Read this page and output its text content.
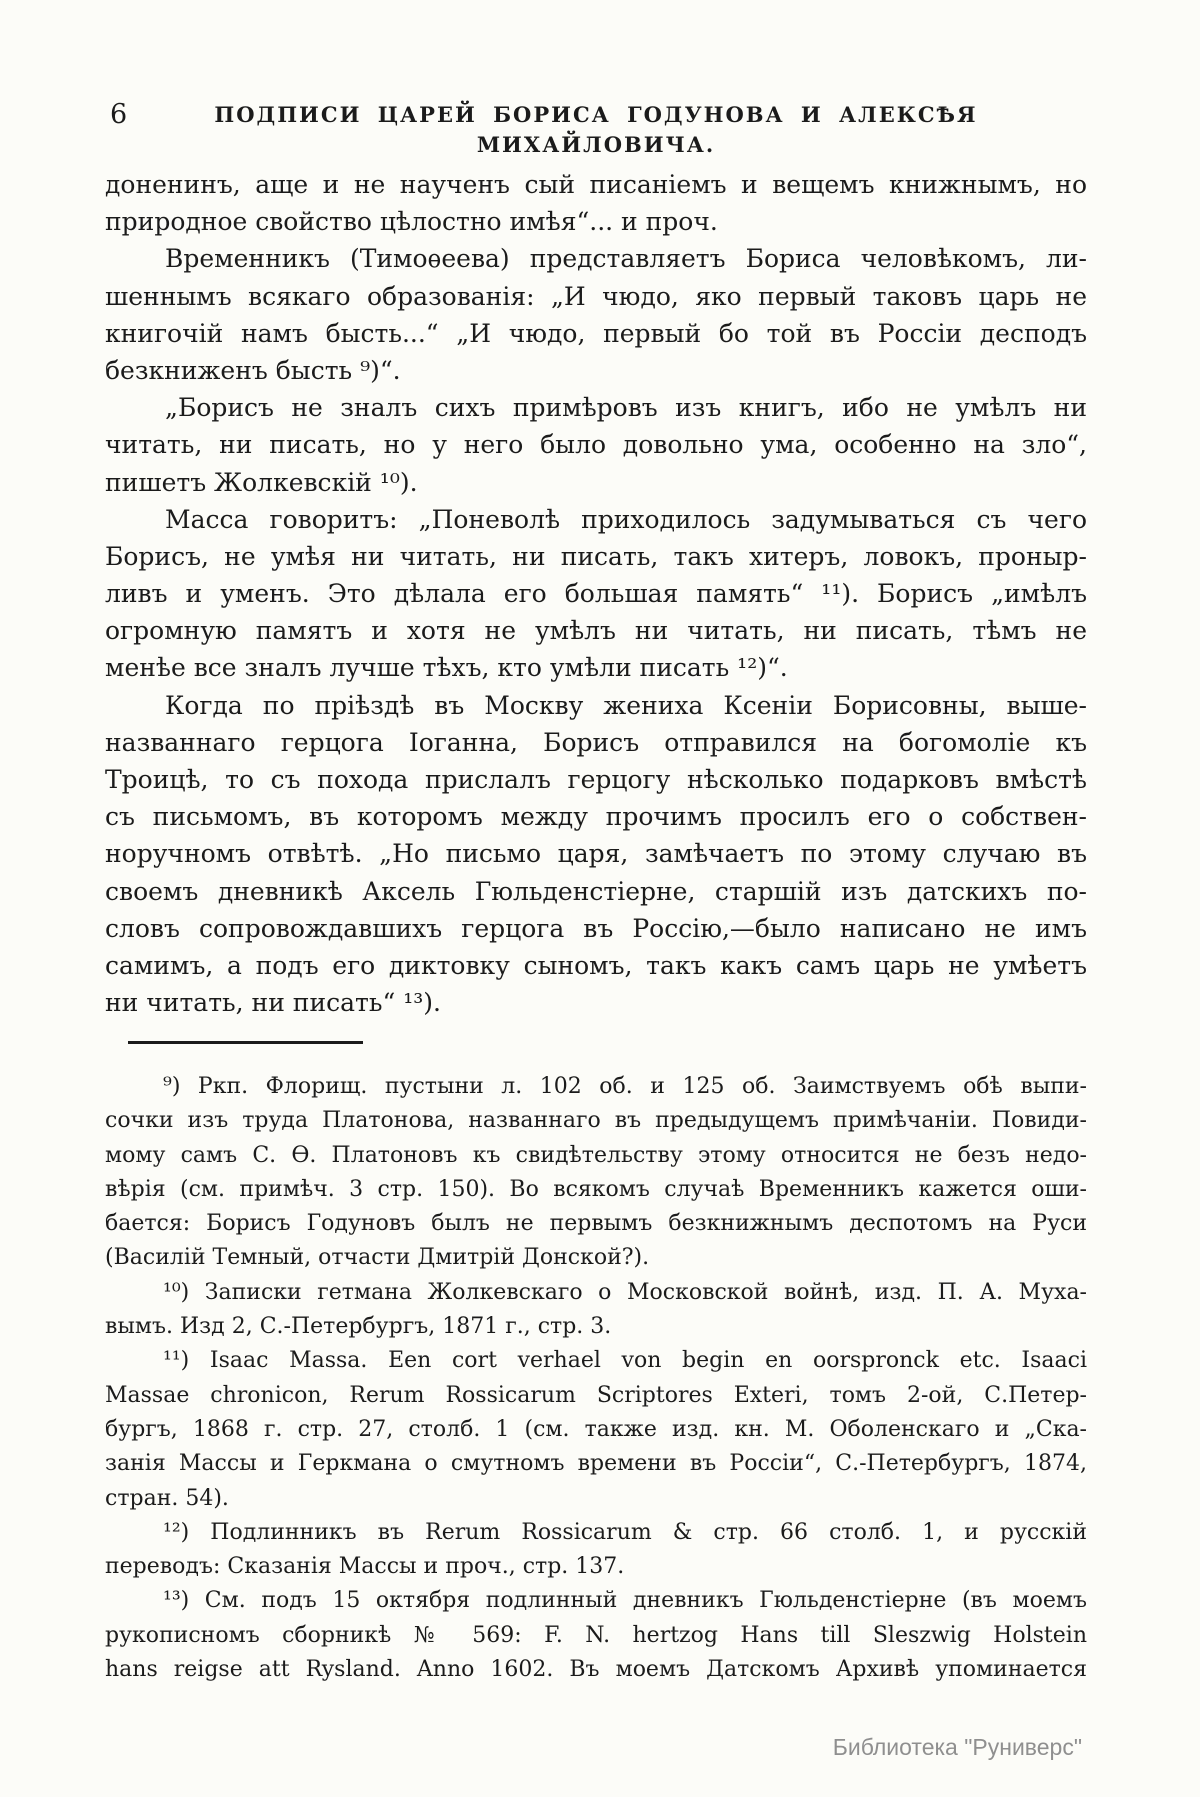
6	ПОДПИСИ ЦАРЕЙ БОРИСА ГОДУНОВА И АЛЕКСѢЯ МИХАЙЛОВИЧА.
доненинъ, аще и не наученъ сый писаніемъ и вещемъ книжнымъ, но
природное свойство цѣлостно имѣя“... и проч.
Временникъ (Тимоѳеева) представляетъ Бориса человѣкомъ, ли-
шеннымъ всякаго образованія: „И чюдо, яко первый таковъ царь не
книгочій намъ бысть...“ „И чюдо, первый бо той въ Россіи десподъ
безкниженъ бысть ⁹)“.
„Борисъ не зналъ сихъ примѣровъ изъ книгъ, ибо не умѣлъ ни
читать, ни писать, но у него было довольно ума, особенно на зло“,
пишетъ Жолкевскій ¹⁰).
Масса говоритъ: „Поневолѣ приходилось задумываться съ чего
Борисъ, не умѣя ни читать, ни писать, такъ хитеръ, ловокъ, проныр-
ливъ и уменъ. Это дѣлала его большая память“ ¹¹). Борисъ „имѣлъ
огромную памятъ и хотя не умѣлъ ни читать, ни писать, тѣмъ не
менѣе все зналъ лучше тѣхъ, кто умѣли писать ¹²)“.
Когда по пріѣздѣ въ Москву жениха Ксеніи Борисовны, выше-
названнаго герцога Іоганна, Борисъ отправился на богомоліе къ
Троицѣ, то съ похода прислалъ герцогу нѣсколько подарковъ вмѣстѣ
съ письмомъ, въ которомъ между прочимъ просилъ его о собствен-
норучномъ отвѣтѣ. „Но письмо царя, замѣчаетъ по этому случаю въ
своемъ дневникѣ Аксель Гюльденстіерне, старшій изъ датскихъ по-
словъ сопровождавшихъ герцога въ Россію,—было написано не имъ
самимъ, а подъ его диктовку сыномъ, такъ какъ самъ царь не умѣетъ
ни читать, ни писать“ ¹³).
⁹) Ркп. Флорищ. пустыни л. 102 об. и 125 об. Заимствуемъ обѣ выпи-
сочки изъ труда Платонова, названнаго въ предыдущемъ примѣчаніи. Повиди-
мому самъ С. Ѳ. Платоновъ къ свидѣтельству этому относится не безъ недо-
вѣрія (см. примѣч. 3 стр. 150). Во всякомъ случаѣ Временникъ кажется оши-
бается: Борисъ Годуновъ былъ не первымъ безкнижнымъ деспотомъ на Руси
(Василій Темный, отчасти Дмитрій Донской?).
¹⁰) Записки гетмана Жолкевскаго о Московской войнѣ, изд. П. А. Муха-
вымъ. Изд 2, С.-Петербургъ, 1871 г., стр. 3.
¹¹) Isaac Massa. Een cort verhael von begin en oorspronck etc. Isaaci
Massae chronicon, Rerum Rossicarum Scriptores Exteri, томъ 2-ой, С.Петер-
бургъ, 1868 г. стр. 27, столб. 1 (см. также изд. кн. М. Оболенскаго и „Ска-
занія Массы и Геркмана о смутномъ времени въ Россіи“, С.-Петербургъ, 1874,
стран. 54).
¹²) Подлинникъ въ Rerum Rossicarum & стр. 66 столб. 1, и русскій
переводъ: Сказанія Массы и проч., стр. 137.
¹³) См. подъ 15 октября подлинный дневникъ Гюльденстіерне (въ моемъ
рукописномъ сборникѣ № 569: F. N. hertzog Hans till Sleszwig Holstein
hans reigse att Rysland. Anno 1602. Въ моемъ Датскомъ Архивѣ упоминается
Библиотека "Руниверс"
